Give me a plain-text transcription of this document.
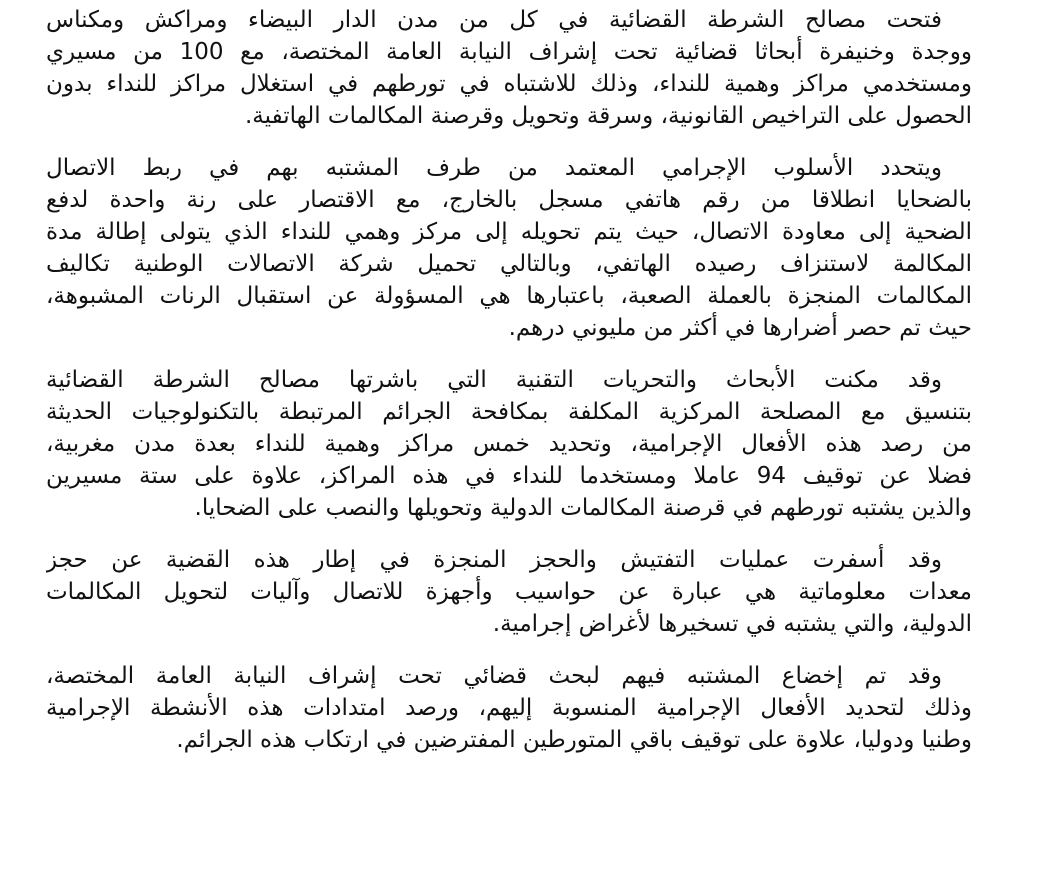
فتحت مصالح الشرطة القضائية في كل من مدن الدار البيضاء ومراكش ومكناس
ووجدة وخنيفرة أبحاثا قضائية تحت إشراف النيابة العامة المختصة، مع 100 من مسيري
ومستخدمي مراكز وهمية للنداء، وذلك للاشتباه في تورطهم في استغلال مراكز للنداء بدون
الحصول على التراخيص القانونية، وسرقة وتحويل وقرصنة المكالمات الهاتفية.
ويتحدد الأسلوب الإجرامي المعتمد من طرف المشتبه بهم في ربط الاتصال
بالضحايا انطلاقا من رقم هاتفي مسجل بالخارج، مع الاقتصار على رنة واحدة لدفع
الضحية إلى معاودة الاتصال، حيث يتم تحويله إلى مركز وهمي للنداء الذي يتولى إطالة مدة
المكالمة لاستنزاف رصيده الهاتفي، وبالتالي تحميل شركة الاتصالات الوطنية تكاليف
المكالمات المنجزة بالعملة الصعبة، باعتبارها هي المسؤولة عن استقبال الرنات المشبوهة،
حيث تم حصر أضرارها في أكثر من مليوني درهم.
وقد مكنت الأبحاث والتحريات التقنية التي باشرتها مصالح الشرطة القضائية
بتنسيق مع المصلحة المركزية المكلفة بمكافحة الجرائم المرتبطة بالتكنولوجيات الحديثة
من رصد هذه الأفعال الإجرامية، وتحديد خمس مراكز وهمية للنداء بعدة مدن مغربية،
فضلا عن توقيف 94 عاملا ومستخدما للنداء في هذه المراكز، علاوة على ستة مسيرين
والذين يشتبه تورطهم في قرصنة المكالمات الدولية وتحويلها والنصب على الضحايا.
وقد أسفرت عمليات التفتيش والحجز المنجزة في إطار هذه القضية عن حجز
معدات معلوماتية هي عبارة عن حواسيب وأجهزة للاتصال وآليات لتحويل المكالمات
الدولية، والتي يشتبه في تسخيرها لأغراض إجرامية.
وقد تم إخضاع المشتبه فيهم لبحث قضائي تحت إشراف النيابة العامة المختصة،
وذلك لتحديد الأفعال الإجرامية المنسوبة إليهم، ورصد امتدادات هذه الأنشطة الإجرامية
وطنيا ودوليا، علاوة على توقيف باقي المتورطين المفترضين في ارتكاب هذه الجرائم.
